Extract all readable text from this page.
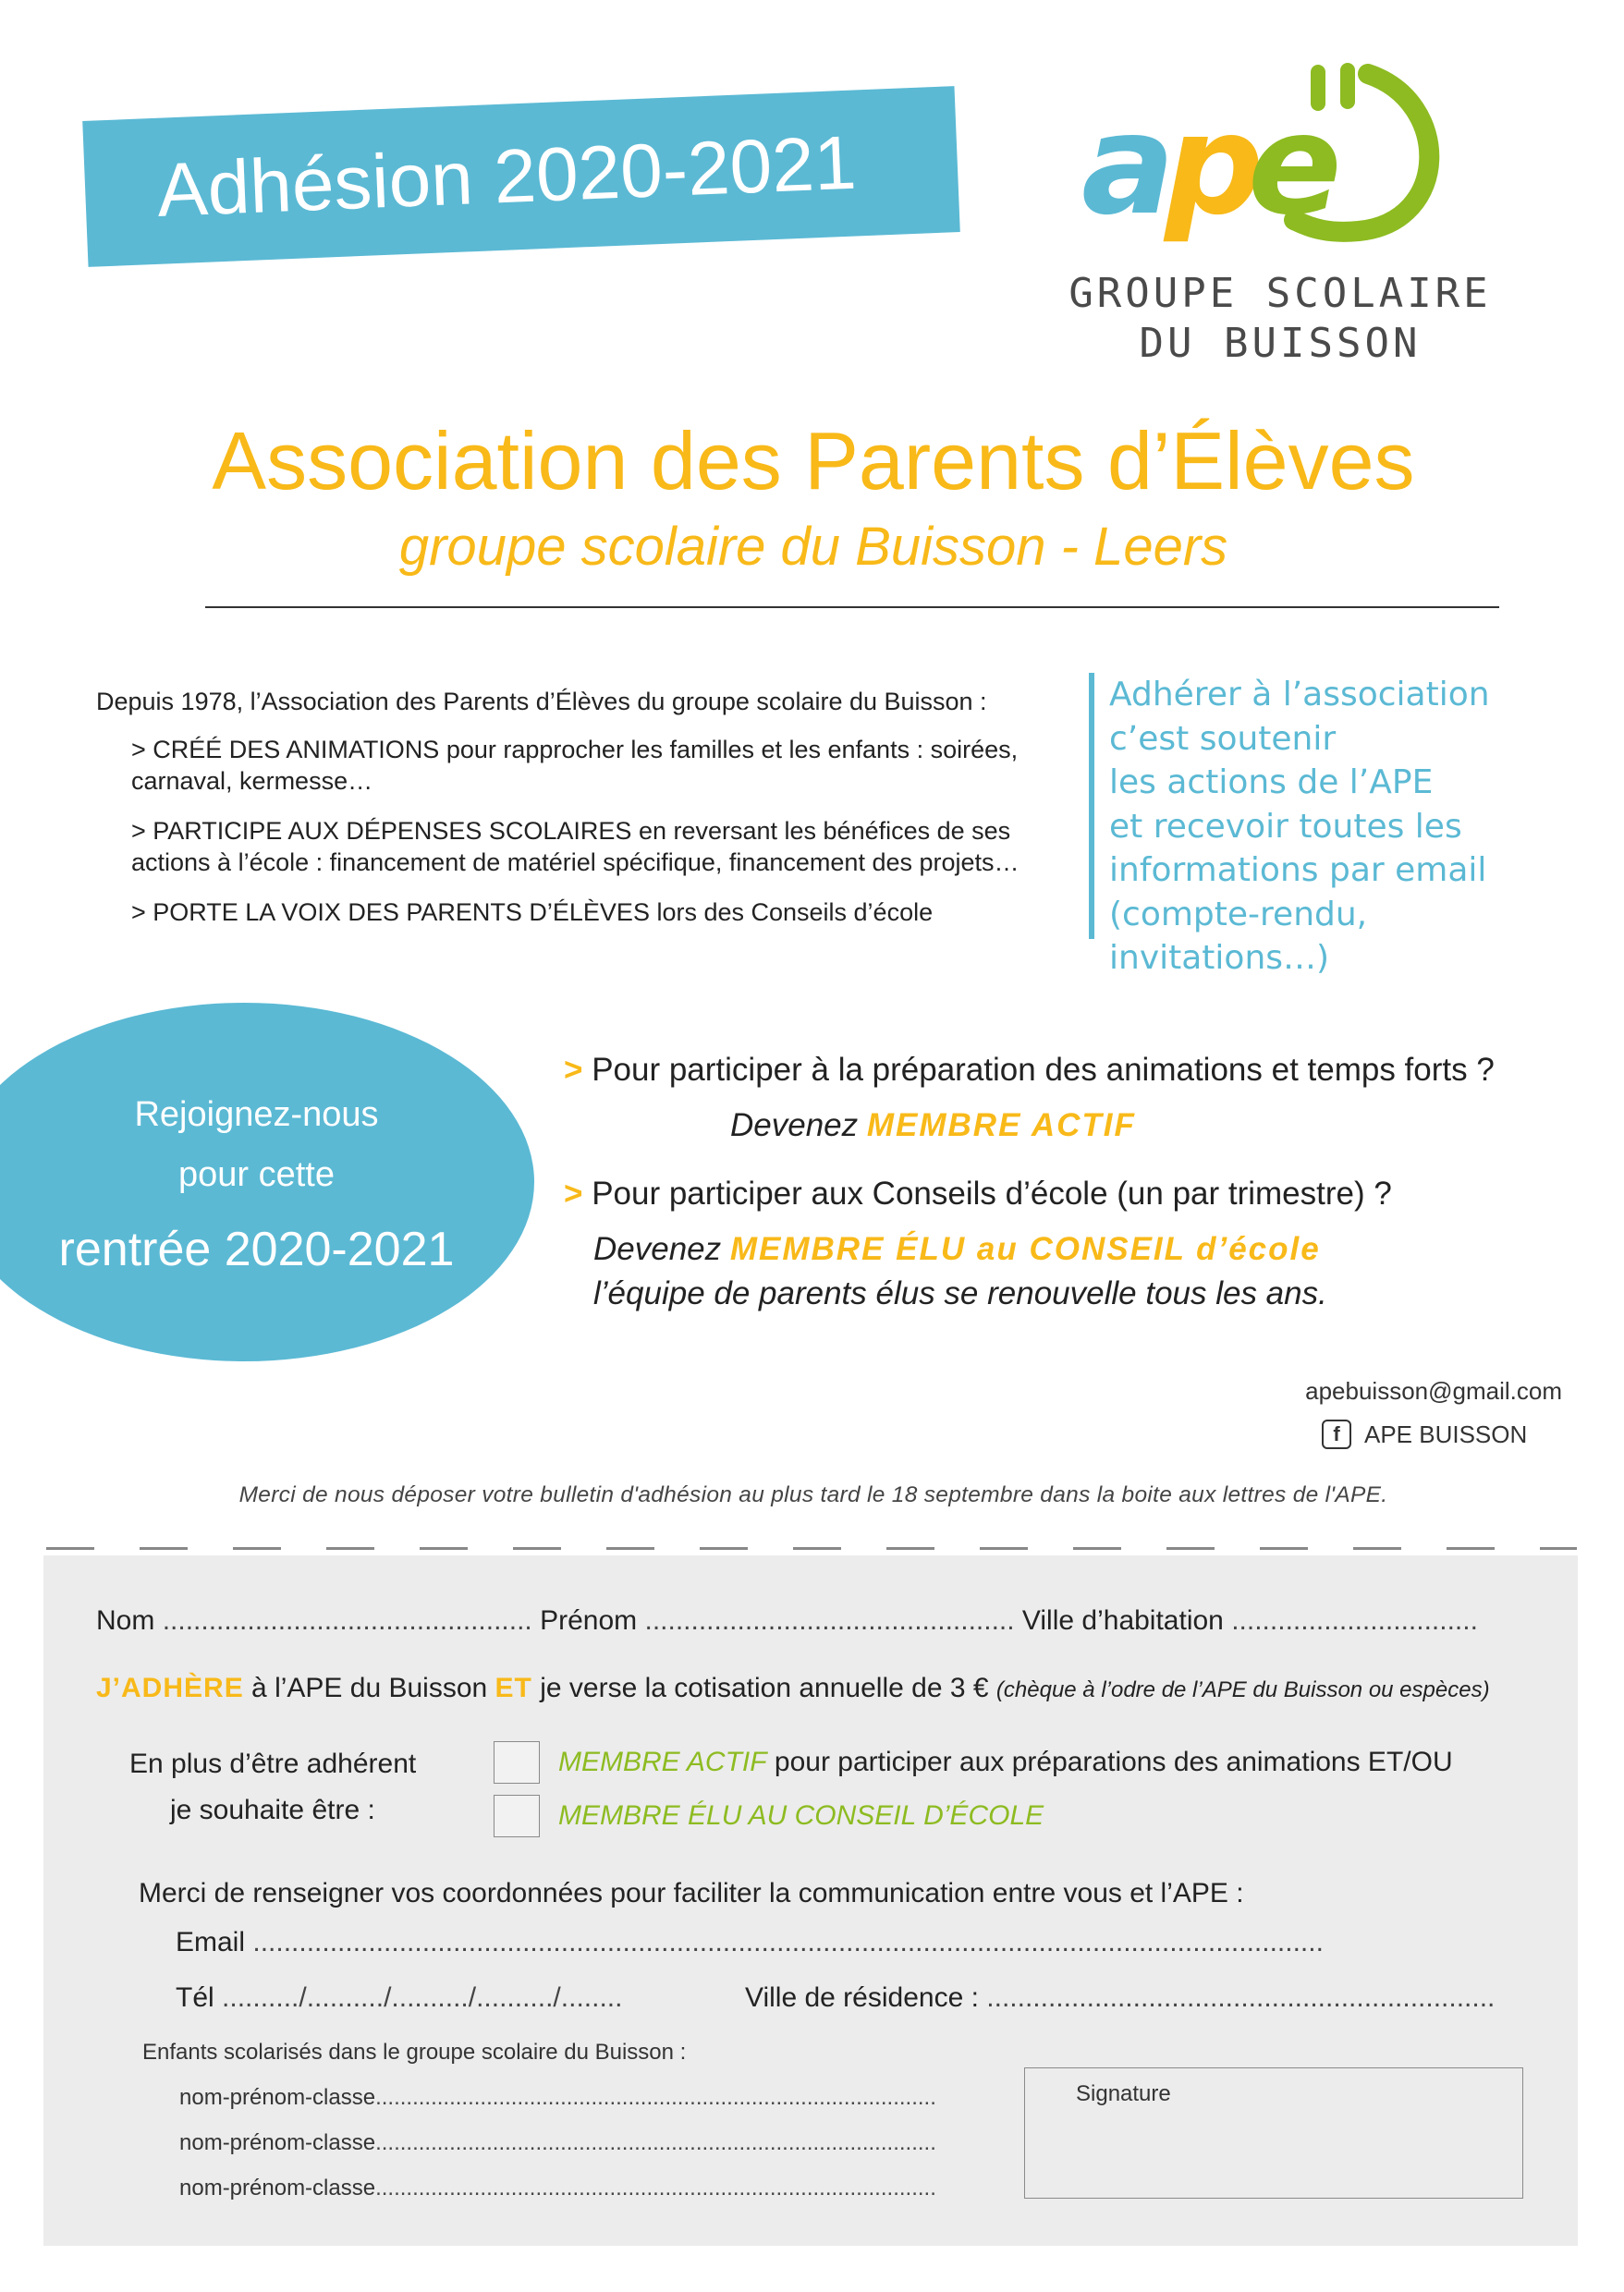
Adhésion 2020-2021	a
p
e
GROUPE SCOLAIRE
DU BUISSON
Association des Parents d’Élèves
groupe scolaire du Buisson - Leers
Depuis 1978, l’Association des Parents d’Élèves du groupe scolaire du Buisson :
> CRÉÉ DES ANIMATIONS pour rapprocher les familles et les enfants : soirées, carnaval, kermesse…
> PARTICIPE AUX DÉPENSES SCOLAIRES en reversant les bénéfices de ses actions à l’école : financement de matériel spécifique, financement des projets…
> PORTE LA VOIX DES PARENTS D’ÉLÈVES lors des Conseils d’école
Adhérer à l’association
c’est soutenir
les actions de l’APE
et recevoir toutes les
informations par email
(compte-rendu, invitations…)
Rejoignez-nous
pour cette
rentrée 2020-2021
> Pour participer à la préparation des animations et temps forts ?
Devenez MEMBRE ACTIF
> Pour participer aux Conseils d’école (un par trimestre) ?
Devenez MEMBRE ÉLU au CONSEIL d’école
l’équipe de parents élus se renouvelle tous les ans.
apebuisson@gmail.com
f	APE BUISSON
Merci de nous déposer votre bulletin d'adhésion au plus tard le 18 septembre dans la boite aux lettres de l'APE.
Nom ................................................ Prénom ................................................ Ville d’habitation ................................
J’ADHÈRE à l’APE du Buisson ET je verse la cotisation annuelle de 3 € (chèque à l’odre de l’APE du Buisson ou espèces)
En plus d’être adhérent
je souhaite être :
MEMBRE ACTIF pour participer aux préparations des animations ET/OU
MEMBRE ÉLU AU CONSEIL D’ÉCOLE
Merci de renseigner vos coordonnées pour faciliter la communication entre vous et l’APE :
Email ...........................................................................................................................................
Tél ........../........../........../........../........	Ville de résidence : ..................................................................
Enfants scolarisés dans le groupe scolaire du Buisson :
nom-prénom-classe...........................................................................................
nom-prénom-classe...........................................................................................
nom-prénom-classe...........................................................................................
Signature
